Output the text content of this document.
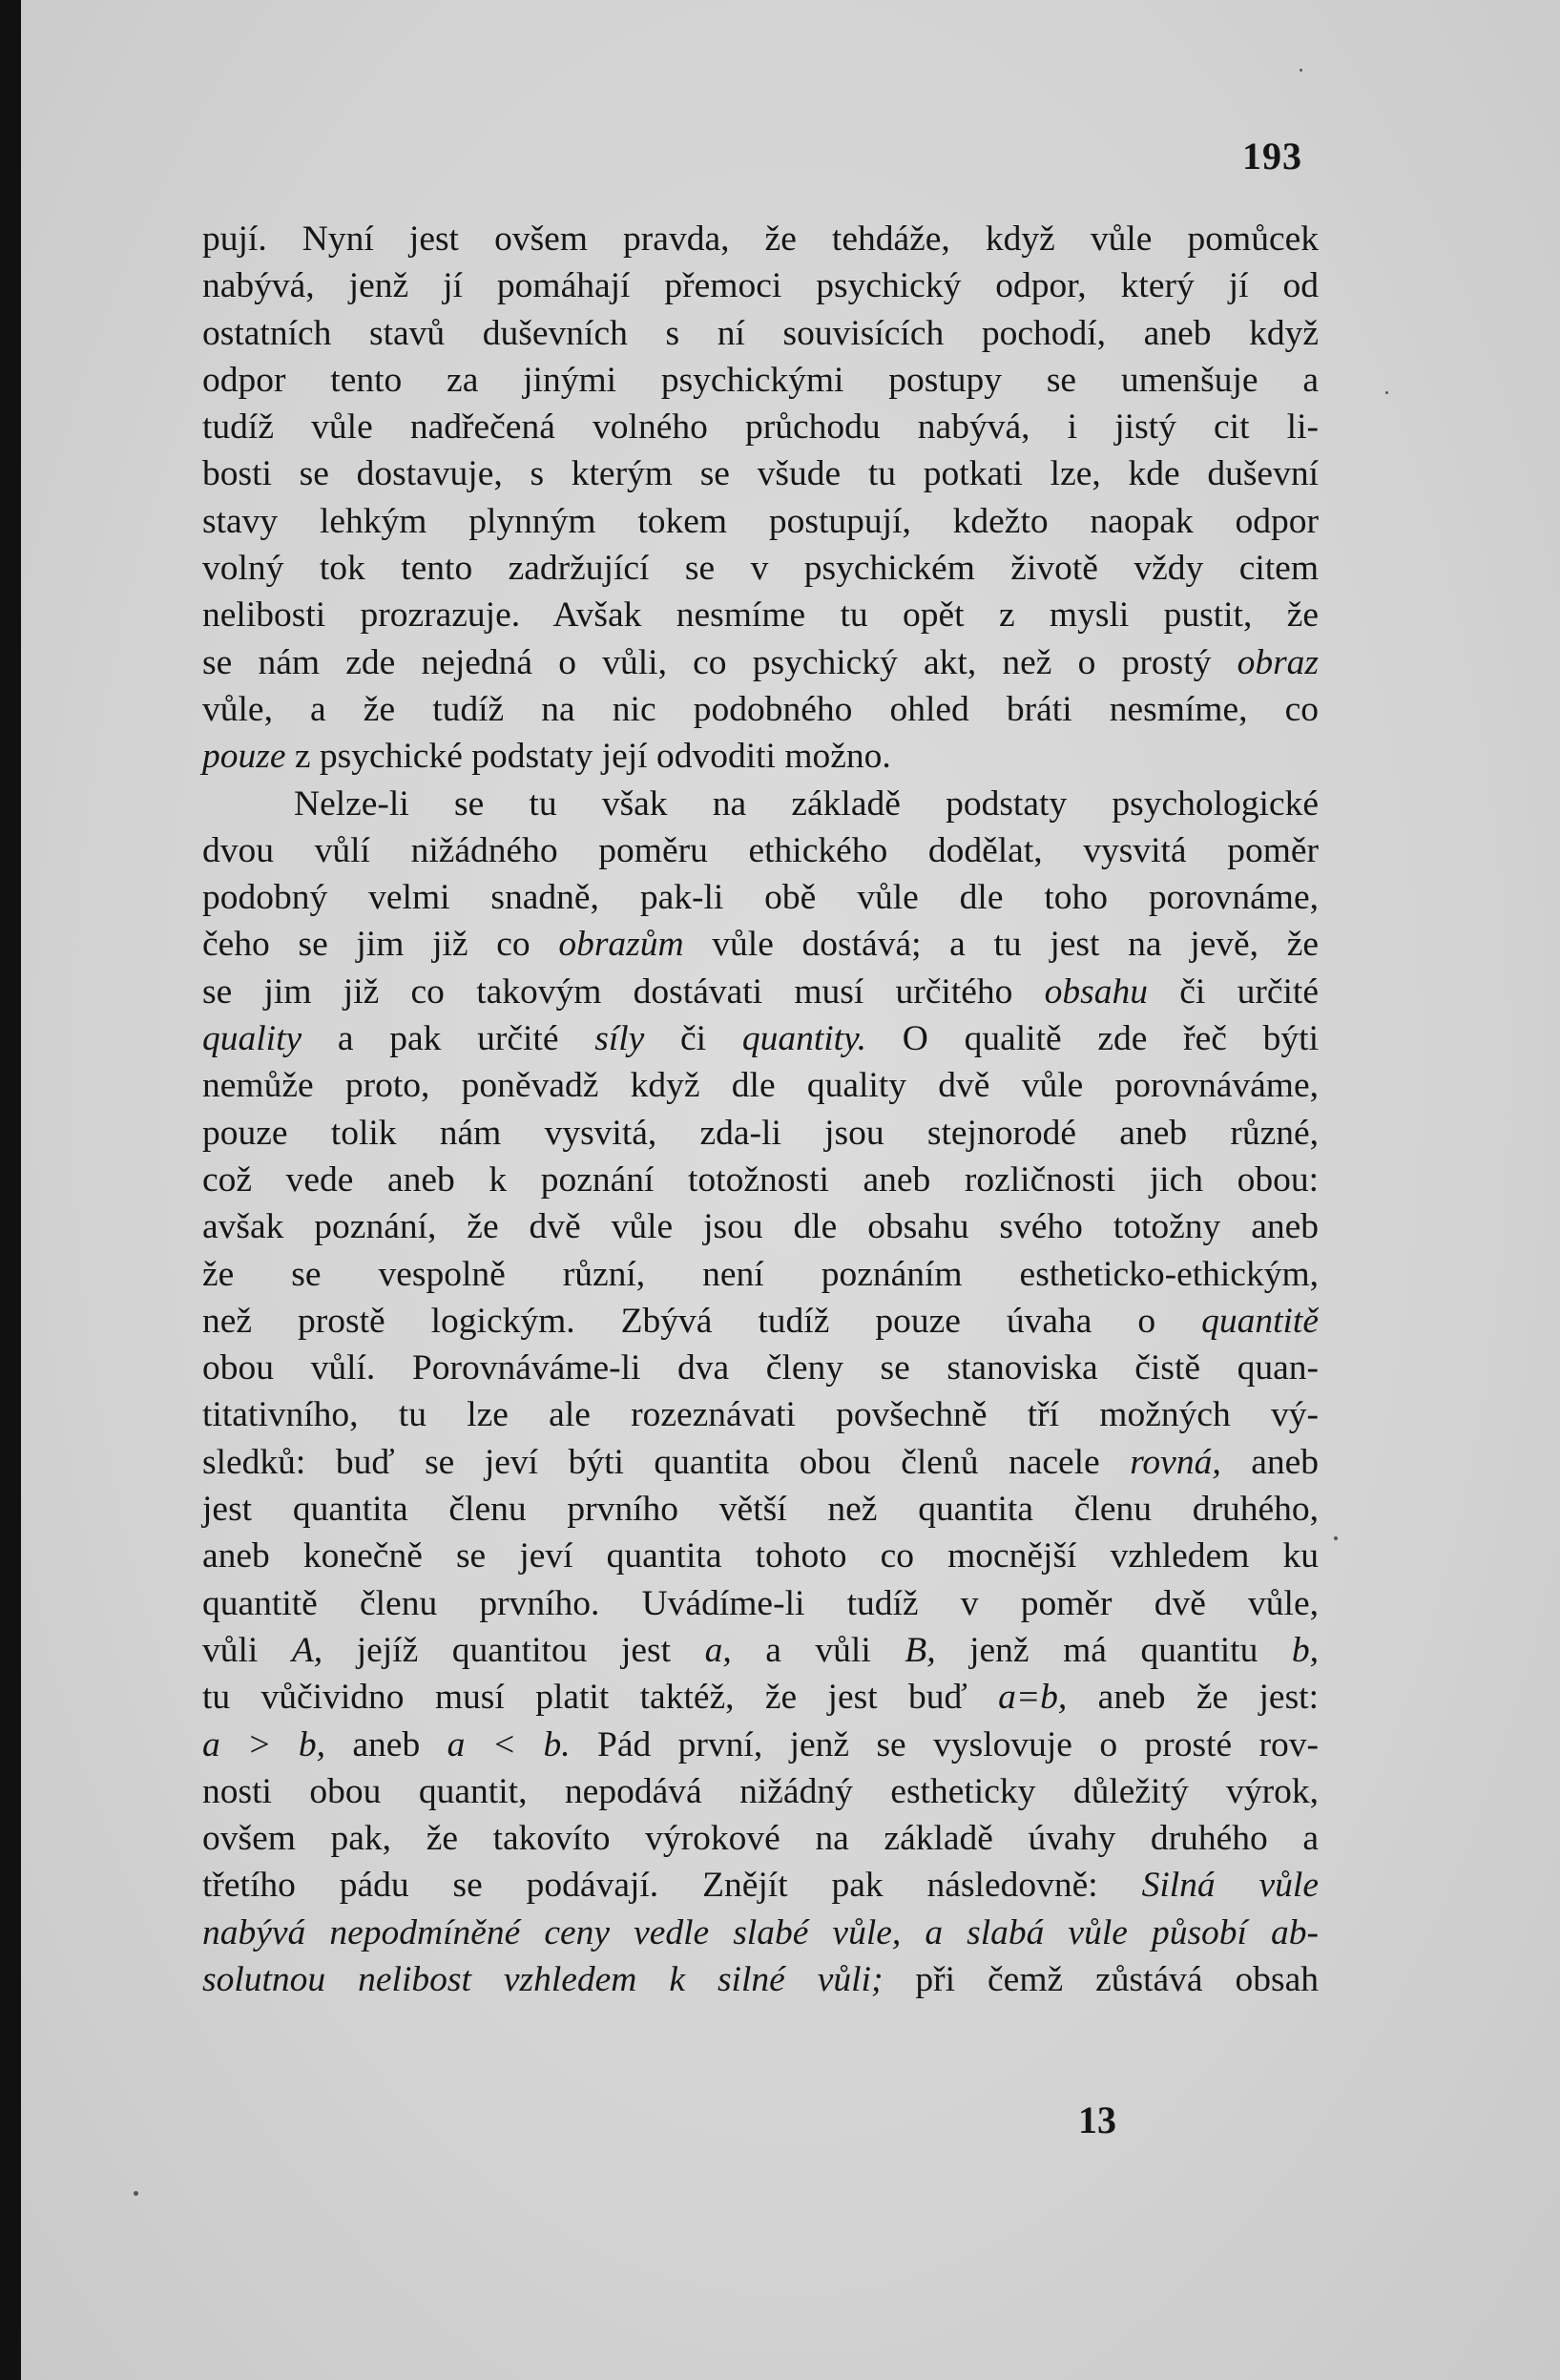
193
pují. Nyní jest ovšem pravda, že tehdáže, když vůle pomůcek
nabývá, jenž jí pomáhají přemoci psychický odpor, který jí od
ostatních stavů duševních s ní souvisících pochodí, aneb když
odpor tento za jinými psychickými postupy se umenšuje a
tudíž vůle nadřečená volného průchodu nabývá, i jistý cit li-
bosti se dostavuje, s kterým se všude tu potkati lze, kde duševní
stavy lehkým plynným tokem postupují, kdežto naopak odpor
volný tok tento zadržující se v psychickém životě vždy citem
nelibosti prozrazuje. Avšak nesmíme tu opět z mysli pustit, že
se nám zde nejedná o vůli, co psychický akt, než o prostý obraz
vůle, a že tudíž na nic podobného ohled bráti nesmíme, co
pouze z psychické podstaty její odvoditi možno.
Nelze-li se tu však na základě podstaty psychologické
dvou vůlí nižádného poměru ethického dodělat, vysvitá poměr
podobný velmi snadně, pak-li obě vůle dle toho porovnáme,
čeho se jim již co obrazům vůle dostává; a tu jest na jevě, že
se jim již co takovým dostávati musí určitého obsahu či určité
quality a pak určité síly či quantity. O qualitě zde řeč býti
nemůže proto, poněvadž když dle quality dvě vůle porovnáváme,
pouze tolik nám vysvitá, zda-li jsou stejnorodé aneb různé,
což vede aneb k poznání totožnosti aneb rozličnosti jich obou:
avšak poznání, že dvě vůle jsou dle obsahu svého totožny aneb
že se vespolně různí, není poznáním estheticko-ethickým,
než prostě logickým. Zbývá tudíž pouze úvaha o quantitě
obou vůlí. Porovnáváme-li dva členy se stanoviska čistě quan-
titativního, tu lze ale rozeznávati povšechně tří možných vý-
sledků: buď se jeví býti quantita obou členů nacele rovná, aneb
jest quantita členu prvního větší než quantita členu druhého,
aneb konečně se jeví quantita tohoto co mocnější vzhledem ku
quantitě členu prvního. Uvádíme-li tudíž v poměr dvě vůle,
vůli A, jejíž quantitou jest a, a vůli B, jenž má quantitu b,
tu vůčividno musí platit taktéž, že jest buď a=b, aneb že jest:
a > b, aneb a < b. Pád první, jenž se vyslovuje o prosté rov-
nosti obou quantit, nepodává nižádný estheticky důležitý výrok,
ovšem pak, že takovíto výrokové na základě úvahy druhého a
třetího pádu se podávají. Znějít pak následovně: Silná vůle
nabývá nepodmíněné ceny vedle slabé vůle, a slabá vůle působí ab-
solutnou nelibost vzhledem k silné vůli; při čemž zůstává obsah
13
